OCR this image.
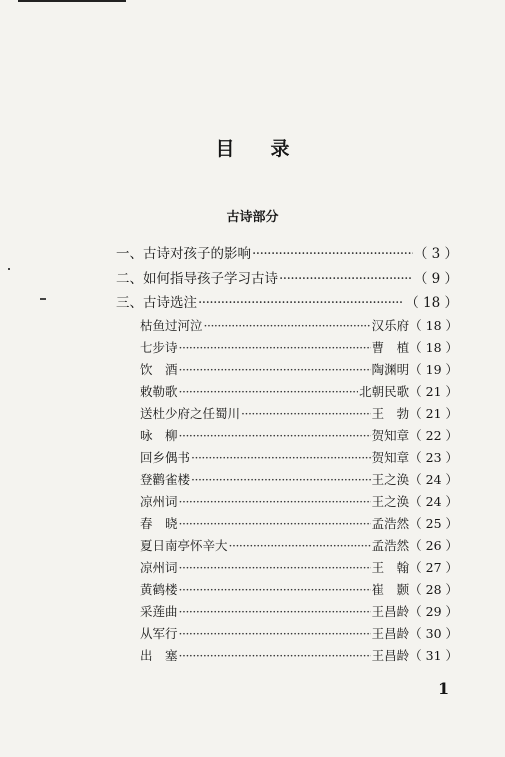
目 录
古诗部分
一、古诗对孩子的影响 ·····	（ 3 ）
二、如何指导孩子学习古诗 ·····	（ 9 ）
三、古诗选注 ·····	（ 18 ）
枯鱼过河泣 ·····	汉乐府 （ 18 ）
七步诗 ·····	曹　植 （ 18 ）
饮　酒 ·····	陶渊明 （ 19 ）
敕勒歌 ·····	北朝民歌 （ 21 ）
送杜少府之任蜀川 ·····	王　勃 （ 21 ）
咏　柳 ·····	贺知章 （ 22 ）
回乡偶书 ·····	贺知章 （ 23 ）
登鹳雀楼 ·····	王之涣 （ 24 ）
凉州词 ·····	王之涣 （ 24 ）
春　晓 ·····	孟浩然 （ 25 ）
夏日南亭怀辛大 ·····	孟浩然 （ 26 ）
凉州词 ·····	王　翰 （ 27 ）
黄鹤楼 ·····	崔　颢 （ 28 ）
采莲曲 ·····	王昌龄 （ 29 ）
从军行 ·····	王昌龄 （ 30 ）
出　塞 ·····	王昌龄 （ 31 ）
1
